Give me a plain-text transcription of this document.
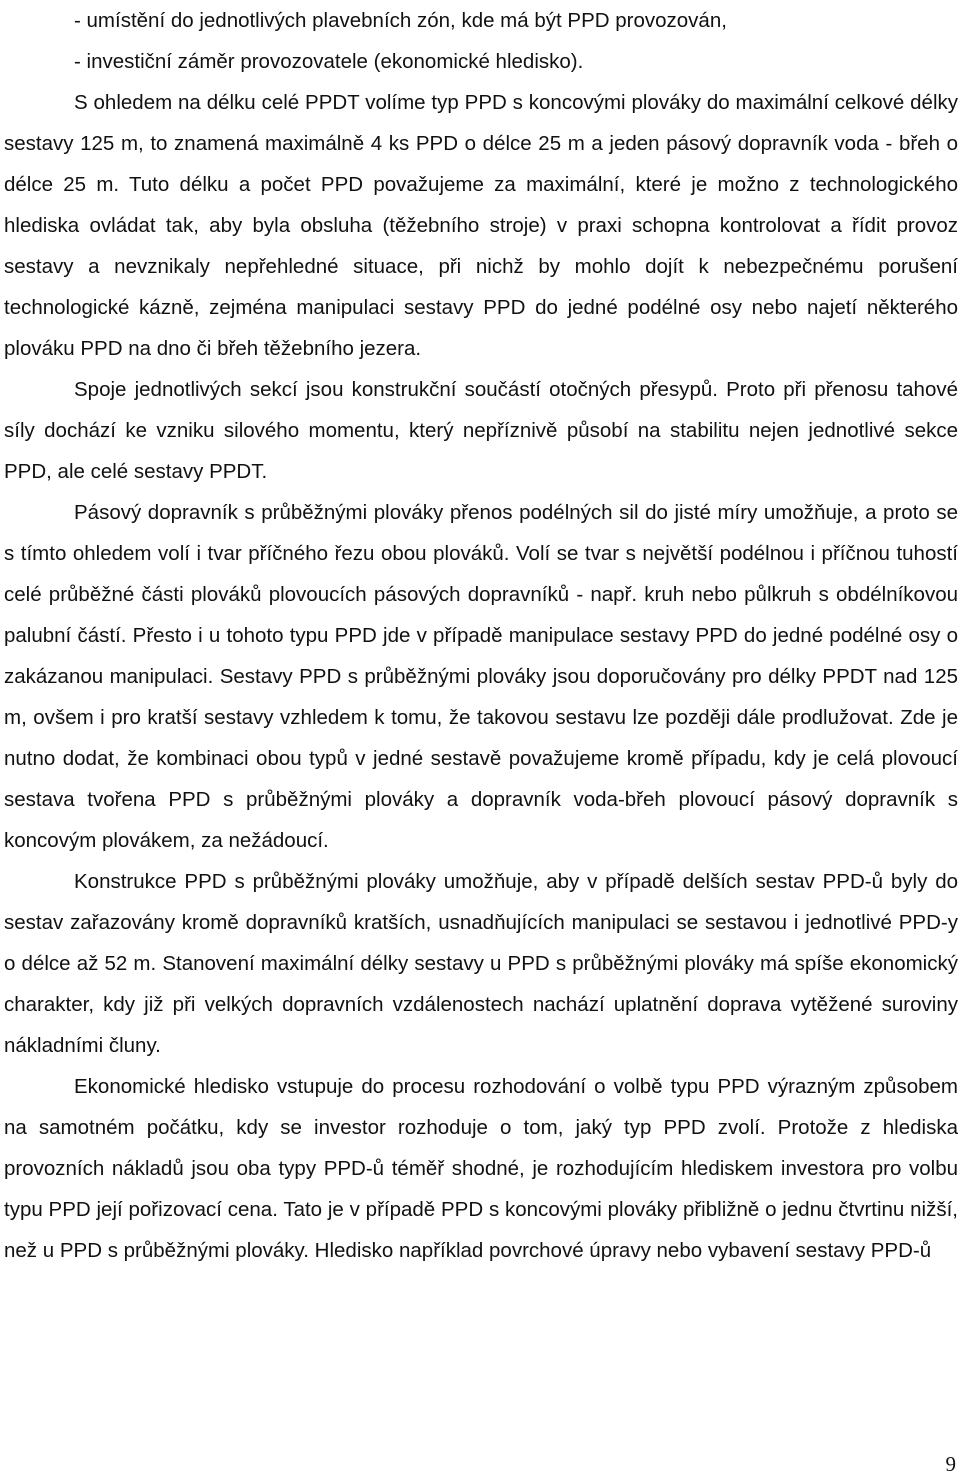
- umístění do jednotlivých plavebních zón, kde má být PPD provozován,

- investiční záměr provozovatele (ekonomické hledisko).

S ohledem na délku celé PPDT volíme typ PPD s koncovými plováky do maximální celkové délky sestavy 125 m, to znamená maximálně 4 ks PPD o délce 25 m a jeden pásový dopravník voda - břeh o délce 25 m. Tuto délku a počet PPD považujeme za maximální, které je možno z technologického hlediska ovládat tak, aby byla obsluha (těžebního stroje) v praxi schopna kontrolovat a řídit provoz sestavy a nevznikaly nepřehledné situace, při nichž by mohlo dojít k nebezpečnému porušení technologické kázně, zejména manipulaci sestavy PPD do jedné podélné osy nebo najetí některého plováku PPD na dno či břeh těžebního jezera.

Spoje jednotlivých sekcí jsou konstrukční součástí otočných přesypů. Proto při přenosu tahové síly dochází ke vzniku silového momentu, který nepříznivě působí na stabilitu nejen jednotlivé sekce PPD, ale celé sestavy PPDT.

Pásový dopravník s průběžnými plováky přenos podélných sil do jisté míry umožňuje, a proto se s tímto ohledem volí i tvar příčného řezu obou plováků. Volí se tvar s největší podélnou i příčnou tuhostí celé průběžné části plováků plovoucích pásových dopravníků - např. kruh nebo půlkruh s obdélníkovou palubní částí. Přesto i u tohoto typu PPD jde v případě manipulace sestavy PPD do jedné podélné osy o zakázanou manipulaci. Sestavy PPD s průběžnými plováky jsou doporučovány pro délky PPDT nad 125 m, ovšem i pro kratší sestavy vzhledem k tomu, že takovou sestavu lze později dále prodlužovat. Zde je nutno dodat, že kombinaci obou typů v jedné sestavě považujeme kromě případu, kdy je celá plovoucí sestava tvořena PPD s průběžnými plováky a dopravník voda-břeh plovoucí pásový dopravník s koncovým plovákem, za nežádoucí.

Konstrukce PPD s průběžnými plováky umožňuje, aby v případě delších sestav PPD-ů byly do sestav zařazovány kromě dopravníků kratších, usnadňujících manipulaci se sestavou i jednotlivé PPD-y o délce až 52 m. Stanovení maximální délky sestavy u PPD s průběžnými plováky má spíše ekonomický charakter, kdy již při velkých dopravních vzdálenostech nachází uplatnění doprava vytěžené suroviny nákladními čluny.

Ekonomické hledisko vstupuje do procesu rozhodování o volbě typu PPD výrazným způsobem na samotném počátku, kdy se investor rozhoduje o tom, jaký typ PPD zvolí. Protože z hlediska provozních nákladů jsou oba typy PPD-ů téměř shodné, je rozhodujícím hlediskem investora pro volbu typu PPD její pořizovací cena. Tato je v případě PPD s koncovými plováky přibližně o jednu čtvrtinu nižší, než u PPD s průběžnými plováky. Hledisko například povrchové úpravy nebo vybavení sestavy PPD-ů

9
